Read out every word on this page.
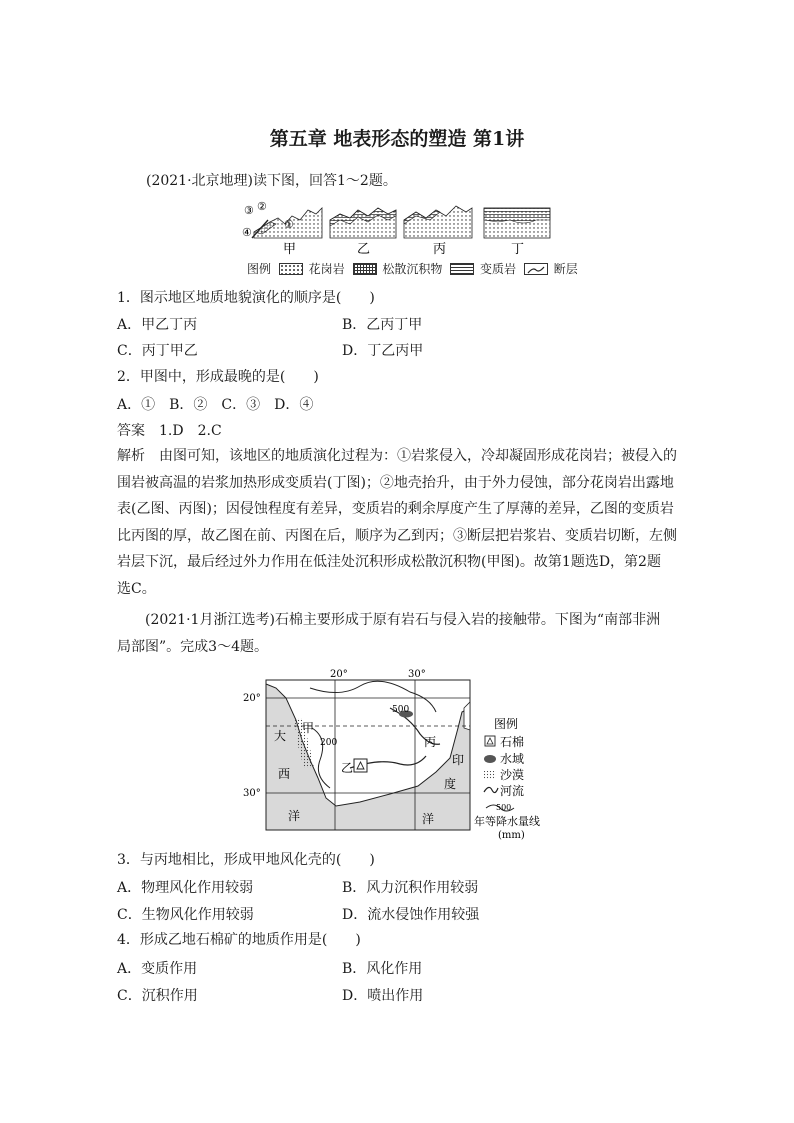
第五章 地表形态的塑造 第1讲
(2021·北京地理)读下图，回答1～2题。
③ ②
①
④
甲	乙	丙	丁
图例	花岗岩	松散沉积物	变质岩	断层
1．图示地区地质地貌演化的顺序是(　　)
A．甲乙丁丙	B．乙丙丁甲
C．丙丁甲乙	D．丁乙丙甲
2．甲图中，形成最晚的是(　　)
A．①　B．②　C．③　D．④
答案　1.D　2.C
解析　由图可知，该地区的地质演化过程为：①岩浆侵入，冷却凝固形成花岗岩；被侵入的
围岩被高温的岩浆加热形成变质岩(丁图)；②地壳抬升，由于外力侵蚀，部分花岗岩出露地
表(乙图、丙图)；因侵蚀程度有差异，变质岩的剩余厚度产生了厚薄的差异，乙图的变质岩
比丙图的厚，故乙图在前、丙图在后，顺序为乙到丙；③断层把岩浆岩、变质岩切断，左侧
岩层下沉，最后经过外力作用在低洼处沉积形成松散沉积物(甲图)。故第1题选D，第2题
选C。
(2021·1月浙江选考)石棉主要形成于原有岩石与侵入岩的接触带。下图为“南部非洲
局部图”。完成3～4题。
20°	30°
20°
30°
500
200
大
西
洋
甲
乙
丙
印
度
洋
图例
石棉
水域
沙漠
河流
500
年等降水量线
(mm)
3．与丙地相比，形成甲地风化壳的(　　)
A．物理风化作用较弱	B．风力沉积作用较弱
C．生物风化作用较弱	D．流水侵蚀作用较强
4．形成乙地石棉矿的地质作用是(　　)
A．变质作用	B．风化作用
C．沉积作用	D．喷出作用
